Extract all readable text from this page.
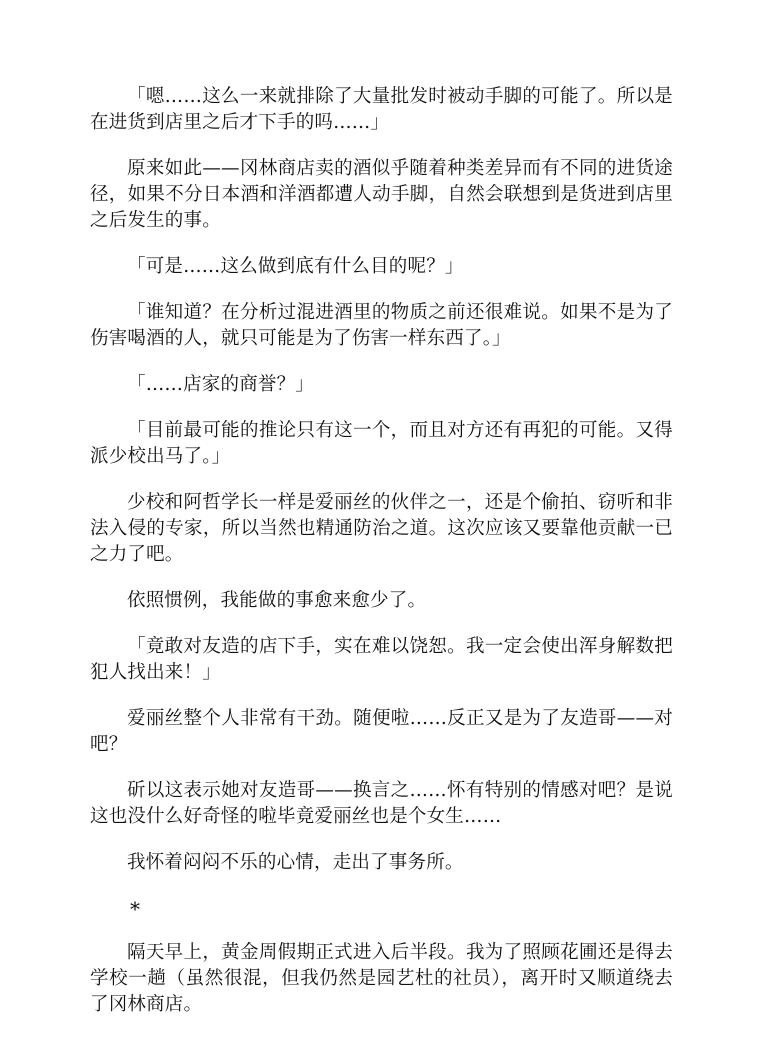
「嗯……这么一来就排除了大量批发时被动手脚的可能了。所以是在进货到店里之后才下手的吗……」

原来如此——冈林商店卖的酒似乎随着种类差异而有不同的进货途径，如果不分日本酒和洋酒都遭人动手脚，自然会联想到是货进到店里之后发生的事。

「可是……这么做到底有什么目的呢？」

「谁知道？在分析过混进酒里的物质之前还很难说。如果不是为了伤害喝酒的人，就只可能是为了伤害一样东西了。」

「……店家的商誉？」

「目前最可能的推论只有这一个，而且对方还有再犯的可能。又得派少校出马了。」

少校和阿哲学长一样是爱丽丝的伙伴之一，还是个偷拍、窃听和非法入侵的专家，所以当然也精通防治之道。这次应该又要靠他贡献一已之力了吧。

依照惯例，我能做的事愈来愈少了。

「竟敢对友造的店下手，实在难以饶恕。我一定会使出浑身解数把犯人找出来！」

爱丽丝整个人非常有干劲。随便啦……反正又是为了友造哥——对吧？

斫以这表示她对友造哥——换言之……怀有特别的情感对吧？是说这也没什么好奇怪的啦毕竟爱丽丝也是个女生……

我怀着闷闷不乐的心情，走出了事务所。

*

隔天早上，黄金周假期正式进入后半段。我为了照顾花圃还是得去学校一趟（虽然很混，但我仍然是园艺杜的社员），离开时又顺道绕去了冈林商店。
